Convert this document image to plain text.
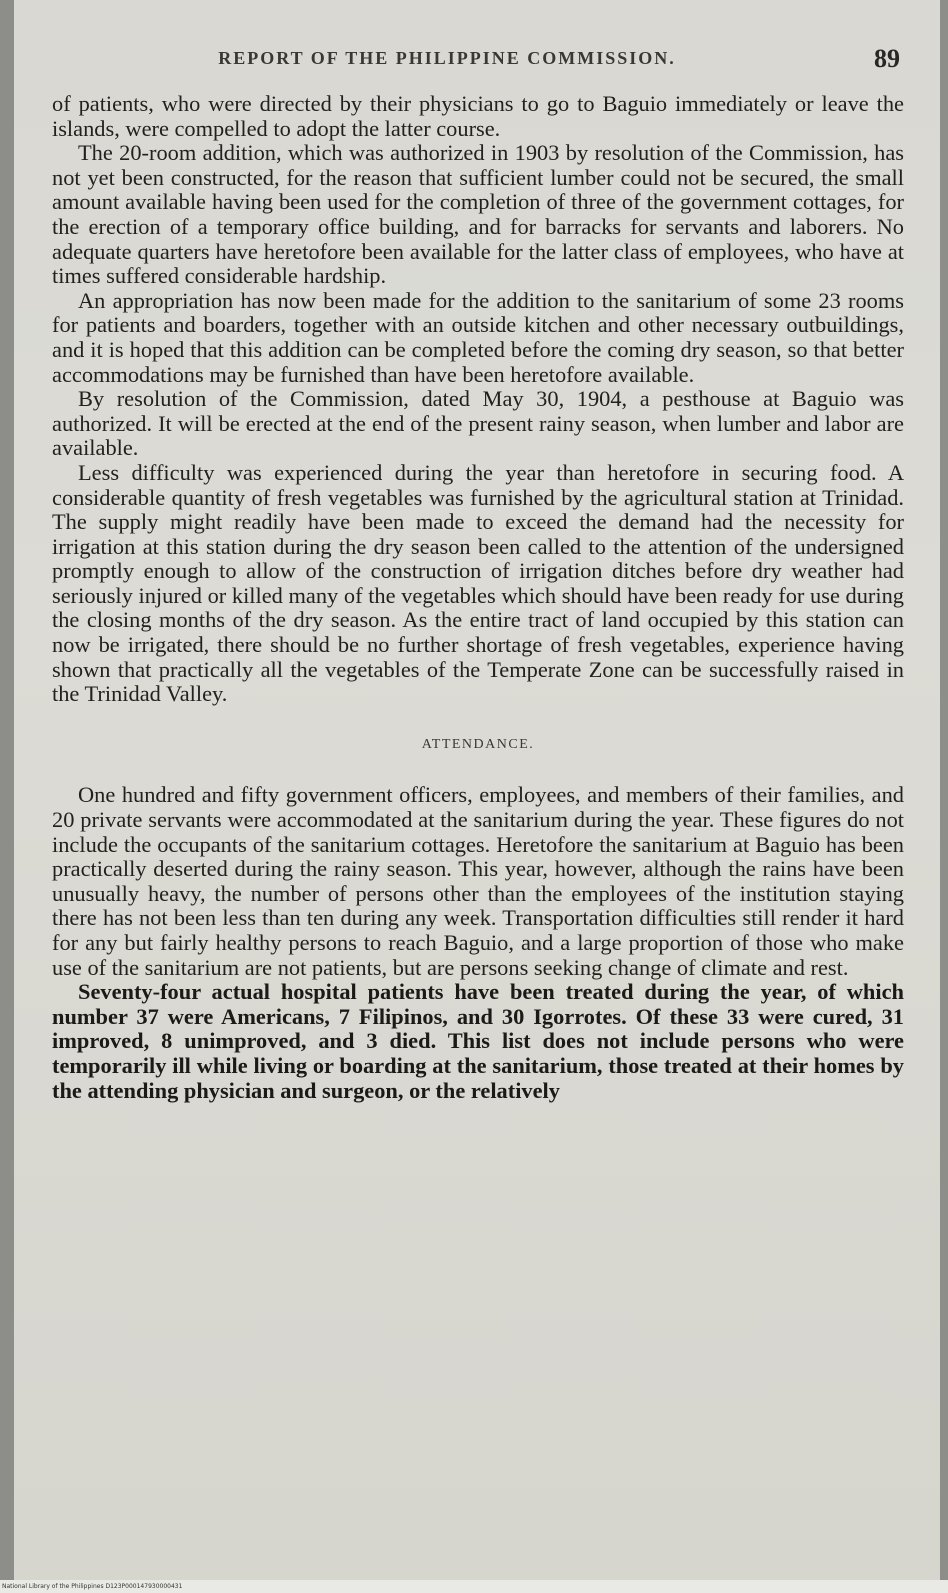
REPORT OF THE PHILIPPINE COMMISSION.	89

of patients, who were directed by their physicians to go to Baguio immediately or leave the islands, were compelled to adopt the latter course.

The 20-room addition, which was authorized in 1903 by resolution of the Commission, has not yet been constructed, for the reason that sufficient lumber could not be secured, the small amount available having been used for the completion of three of the government cottages, for the erection of a temporary office building, and for barracks for servants and laborers. No adequate quarters have heretofore been available for the latter class of employees, who have at times suffered considerable hardship.

An appropriation has now been made for the addition to the sanitarium of some 23 rooms for patients and boarders, together with an outside kitchen and other necessary outbuildings, and it is hoped that this addition can be completed before the coming dry season, so that better accommodations may be furnished than have been heretofore available.

By resolution of the Commission, dated May 30, 1904, a pesthouse at Baguio was authorized. It will be erected at the end of the present rainy season, when lumber and labor are available.

Less difficulty was experienced during the year than heretofore in securing food. A considerable quantity of fresh vegetables was furnished by the agricultural station at Trinidad. The supply might readily have been made to exceed the demand had the necessity for irrigation at this station during the dry season been called to the attention of the undersigned promptly enough to allow of the construction of irrigation ditches before dry weather had seriously injured or killed many of the vegetables which should have been ready for use during the closing months of the dry season. As the entire tract of land occupied by this station can now be irrigated, there should be no further shortage of fresh vegetables, experience having shown that practically all the vegetables of the Temperate Zone can be successfully raised in the Trinidad Valley.

ATTENDANCE.

One hundred and fifty government officers, employees, and members of their families, and 20 private servants were accommodated at the sanitarium during the year. These figures do not include the occupants of the sanitarium cottages. Heretofore the sanitarium at Baguio has been practically deserted during the rainy season. This year, however, although the rains have been unusually heavy, the number of persons other than the employees of the institution staying there has not been less than ten during any week. Transportation difficulties still render it hard for any but fairly healthy persons to reach Baguio, and a large proportion of those who make use of the sanitarium are not patients, but are persons seeking change of climate and rest.

Seventy-four actual hospital patients have been treated during the year, of which number 37 were Americans, 7 Filipinos, and 30 Igorrotes. Of these 33 were cured, 31 improved, 8 unimproved, and 3 died. This list does not include persons who were temporarily ill while living or boarding at the sanitarium, those treated at their homes by the attending physician and surgeon, or the relatively

National Library of the Philippines D123P000147930000431
